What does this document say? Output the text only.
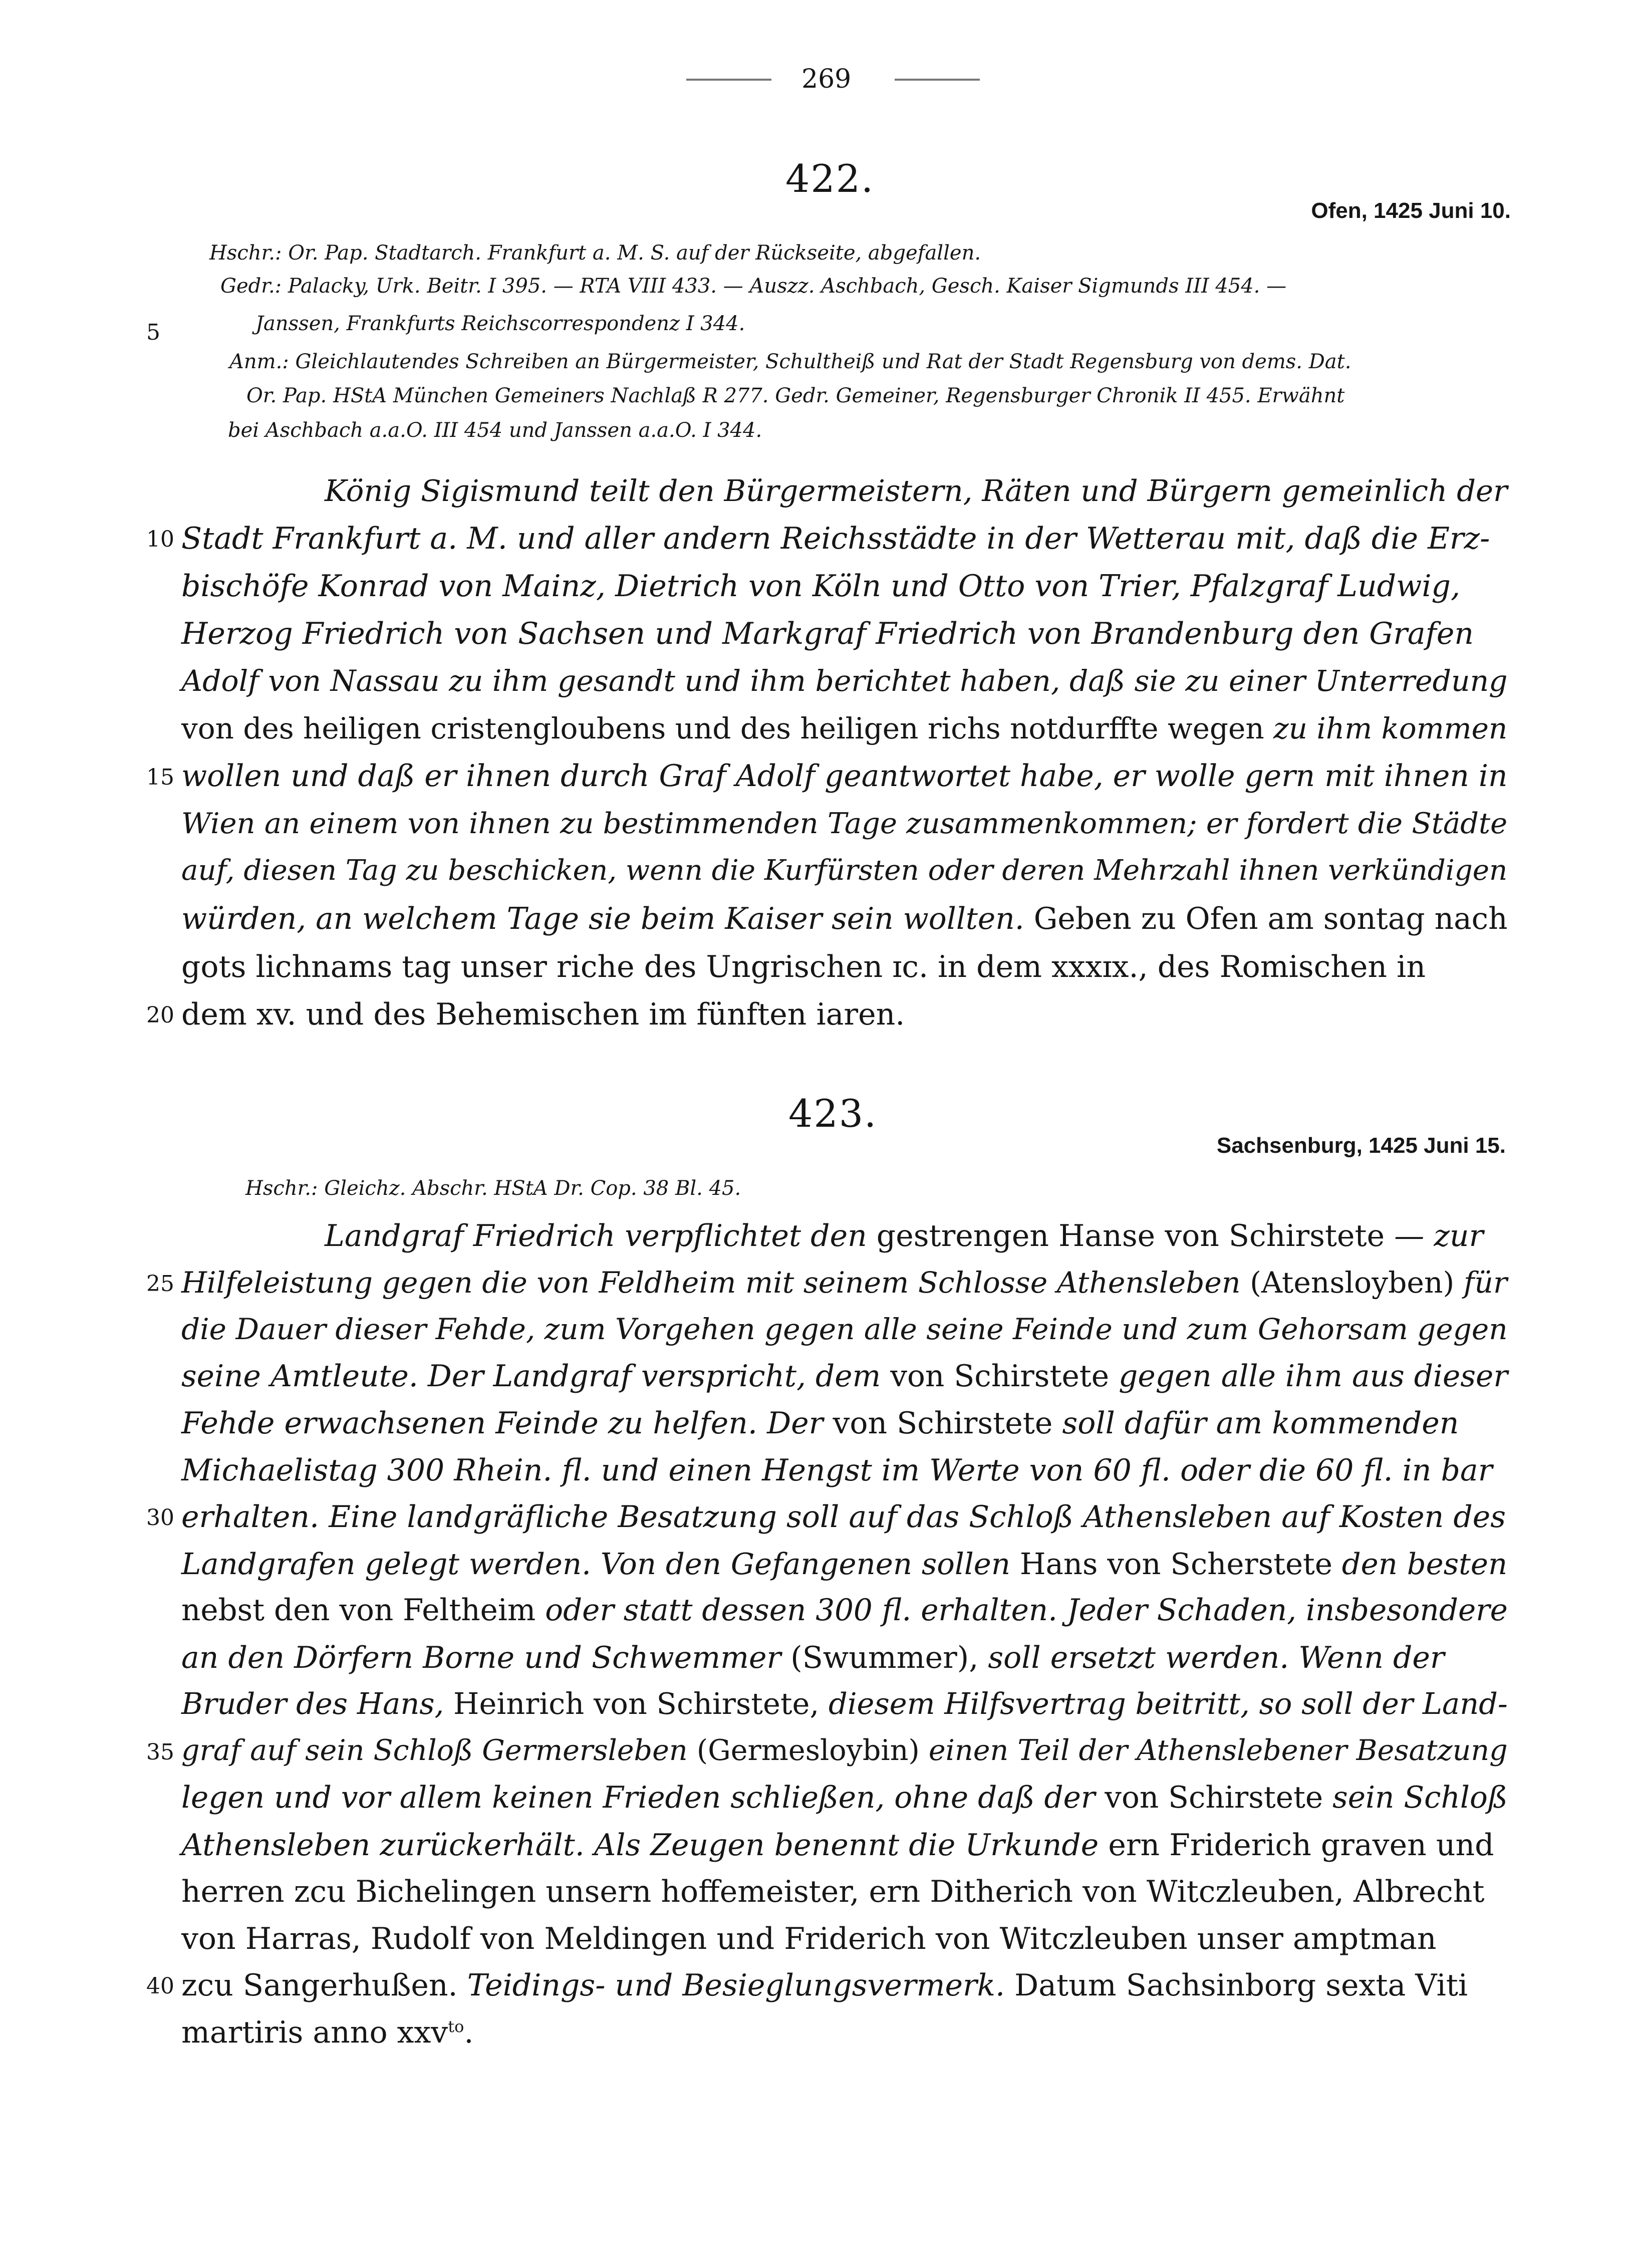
269
422.
Ofen, 1425 Juni 10.
5
Hschr.: Or. Pap. Stadtarch. Frankfurt a. M. S. auf der Rückseite, abgefallen.
Gedr.: Palacky, Urk. Beitr. I 395. — RTA VIII 433. — Auszz. Aschbach, Gesch. Kaiser Sigmunds III 454. —
Janssen, Frankfurts Reichscorrespondenz I 344.
Anm.: Gleichlautendes Schreiben an Bürgermeister, Schultheiß und Rat der Stadt Regensburg von dems. Dat.
Or. Pap. HStA München Gemeiners Nachlaß R 277. Gedr. Gemeiner, Regensburger Chronik II 455. Erwähnt
bei Aschbach a.a.O. III 454 und Janssen a.a.O. I 344.
König Sigismund teilt den Bürgermeistern, Räten und Bürgern gemeinlich der
Stadt Frankfurt a. M. und aller andern Reichsstädte in der Wetterau mit, daß die Erz-
bischöfe Konrad von Mainz, Dietrich von Köln und Otto von Trier, Pfalzgraf Ludwig,
Herzog Friedrich von Sachsen und Markgraf Friedrich von Brandenburg den Grafen
Adolf von Nassau zu ihm gesandt und ihm berichtet haben, daß sie zu einer Unterredung
von des heiligen cristengloubens und des heiligen richs notdurffte wegen zu ihm kommen
wollen und daß er ihnen durch Graf Adolf geantwortet habe, er wolle gern mit ihnen in
Wien an einem von ihnen zu bestimmenden Tage zusammenkommen; er fordert die Städte
auf, diesen Tag zu beschicken, wenn die Kurfürsten oder deren Mehrzahl ihnen verkündigen
würden, an welchem Tage sie beim Kaiser sein wollten. Geben zu Ofen am sontag nach
gots lichnams tag unser riche des Ungrischen ɪc. in dem xxxɪx., des Romischen in
dem xv. und des Behemischen im fünften iaren.
423.
Sachsenburg, 1425 Juni 15.
Hschr.: Gleichz. Abschr. HStA Dr. Cop. 38 Bl. 45.
Landgraf Friedrich verpflichtet den gestrengen Hanse von Schirstete — zur
Hilfeleistung gegen die von Feldheim mit seinem Schlosse Athensleben (Atensloyben) für
die Dauer dieser Fehde, zum Vorgehen gegen alle seine Feinde und zum Gehorsam gegen
seine Amtleute. Der Landgraf verspricht, dem von Schirstete gegen alle ihm aus dieser
Fehde erwachsenen Feinde zu helfen. Der von Schirstete soll dafür am kommenden
Michaelistag 300 Rhein. fl. und einen Hengst im Werte von 60 fl. oder die 60 fl. in bar
erhalten. Eine landgräfliche Besatzung soll auf das Schloß Athensleben auf Kosten des
Landgrafen gelegt werden. Von den Gefangenen sollen Hans von Scherstete den besten
nebst den von Feltheim oder statt dessen 300 fl. erhalten. Jeder Schaden, insbesondere
an den Dörfern Borne und Schwemmer (Swummer), soll ersetzt werden. Wenn der
Bruder des Hans, Heinrich von Schirstete, diesem Hilfsvertrag beitritt, so soll der Land-
graf auf sein Schloß Germersleben (Germesloybin) einen Teil der Athenslebener Besatzung
legen und vor allem keinen Frieden schließen, ohne daß der von Schirstete sein Schloß
Athensleben zurückerhält. Als Zeugen benennt die Urkunde ern Friderich graven und
herren zcu Bichelingen unsern hoffemeister, ern Ditherich von Witczleuben, Albrecht
von Harras, Rudolf von Meldingen und Friderich von Witczleuben unser amptman
zcu Sangerhußen. Teidings- und Besieglungsvermerk. Datum Sachsinborg sexta Viti
martiris anno xxv$^{to}$.
10
15
20
25
30
35
40
